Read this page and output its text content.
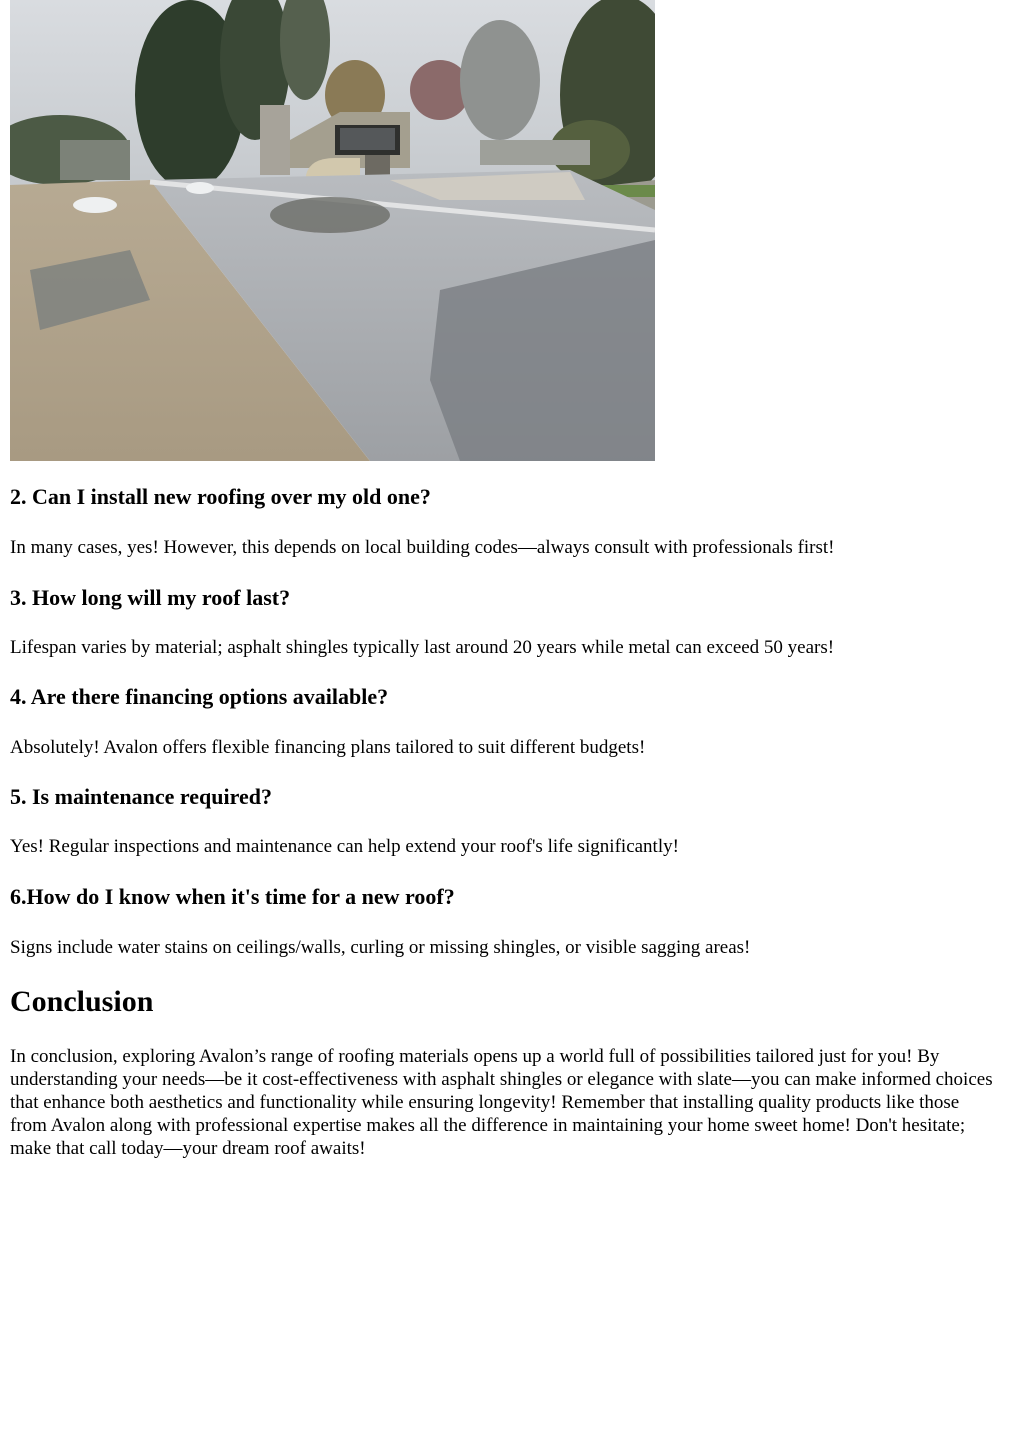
2. Can I install new roofing over my old one?

In many cases, yes! However, this depends on local building codes—always consult with professionals first!

3. How long will my roof last?

Lifespan varies by material; asphalt shingles typically last around 20 years while metal can exceed 50 years!

4. Are there financing options available?

Absolutely! Avalon offers flexible financing plans tailored to suit different budgets!

5. Is maintenance required?

Yes! Regular inspections and maintenance can help extend your roof's life significantly!

6.How do I know when it's time for a new roof?

Signs include water stains on ceilings/walls, curling or missing shingles, or visible sagging areas!

Conclusion

In conclusion, exploring Avalon’s range of roofing materials opens up a world full of possibilities tailored just for you! By understanding your needs—be it cost-effectiveness with asphalt shingles or elegance with slate—you can make informed choices that enhance both aesthetics and functionality while ensuring longevity! Remember that installing quality products like those from Avalon along with professional expertise makes all the difference in maintaining your home sweet home! Don't hesitate; make that call today—your dream roof awaits!
